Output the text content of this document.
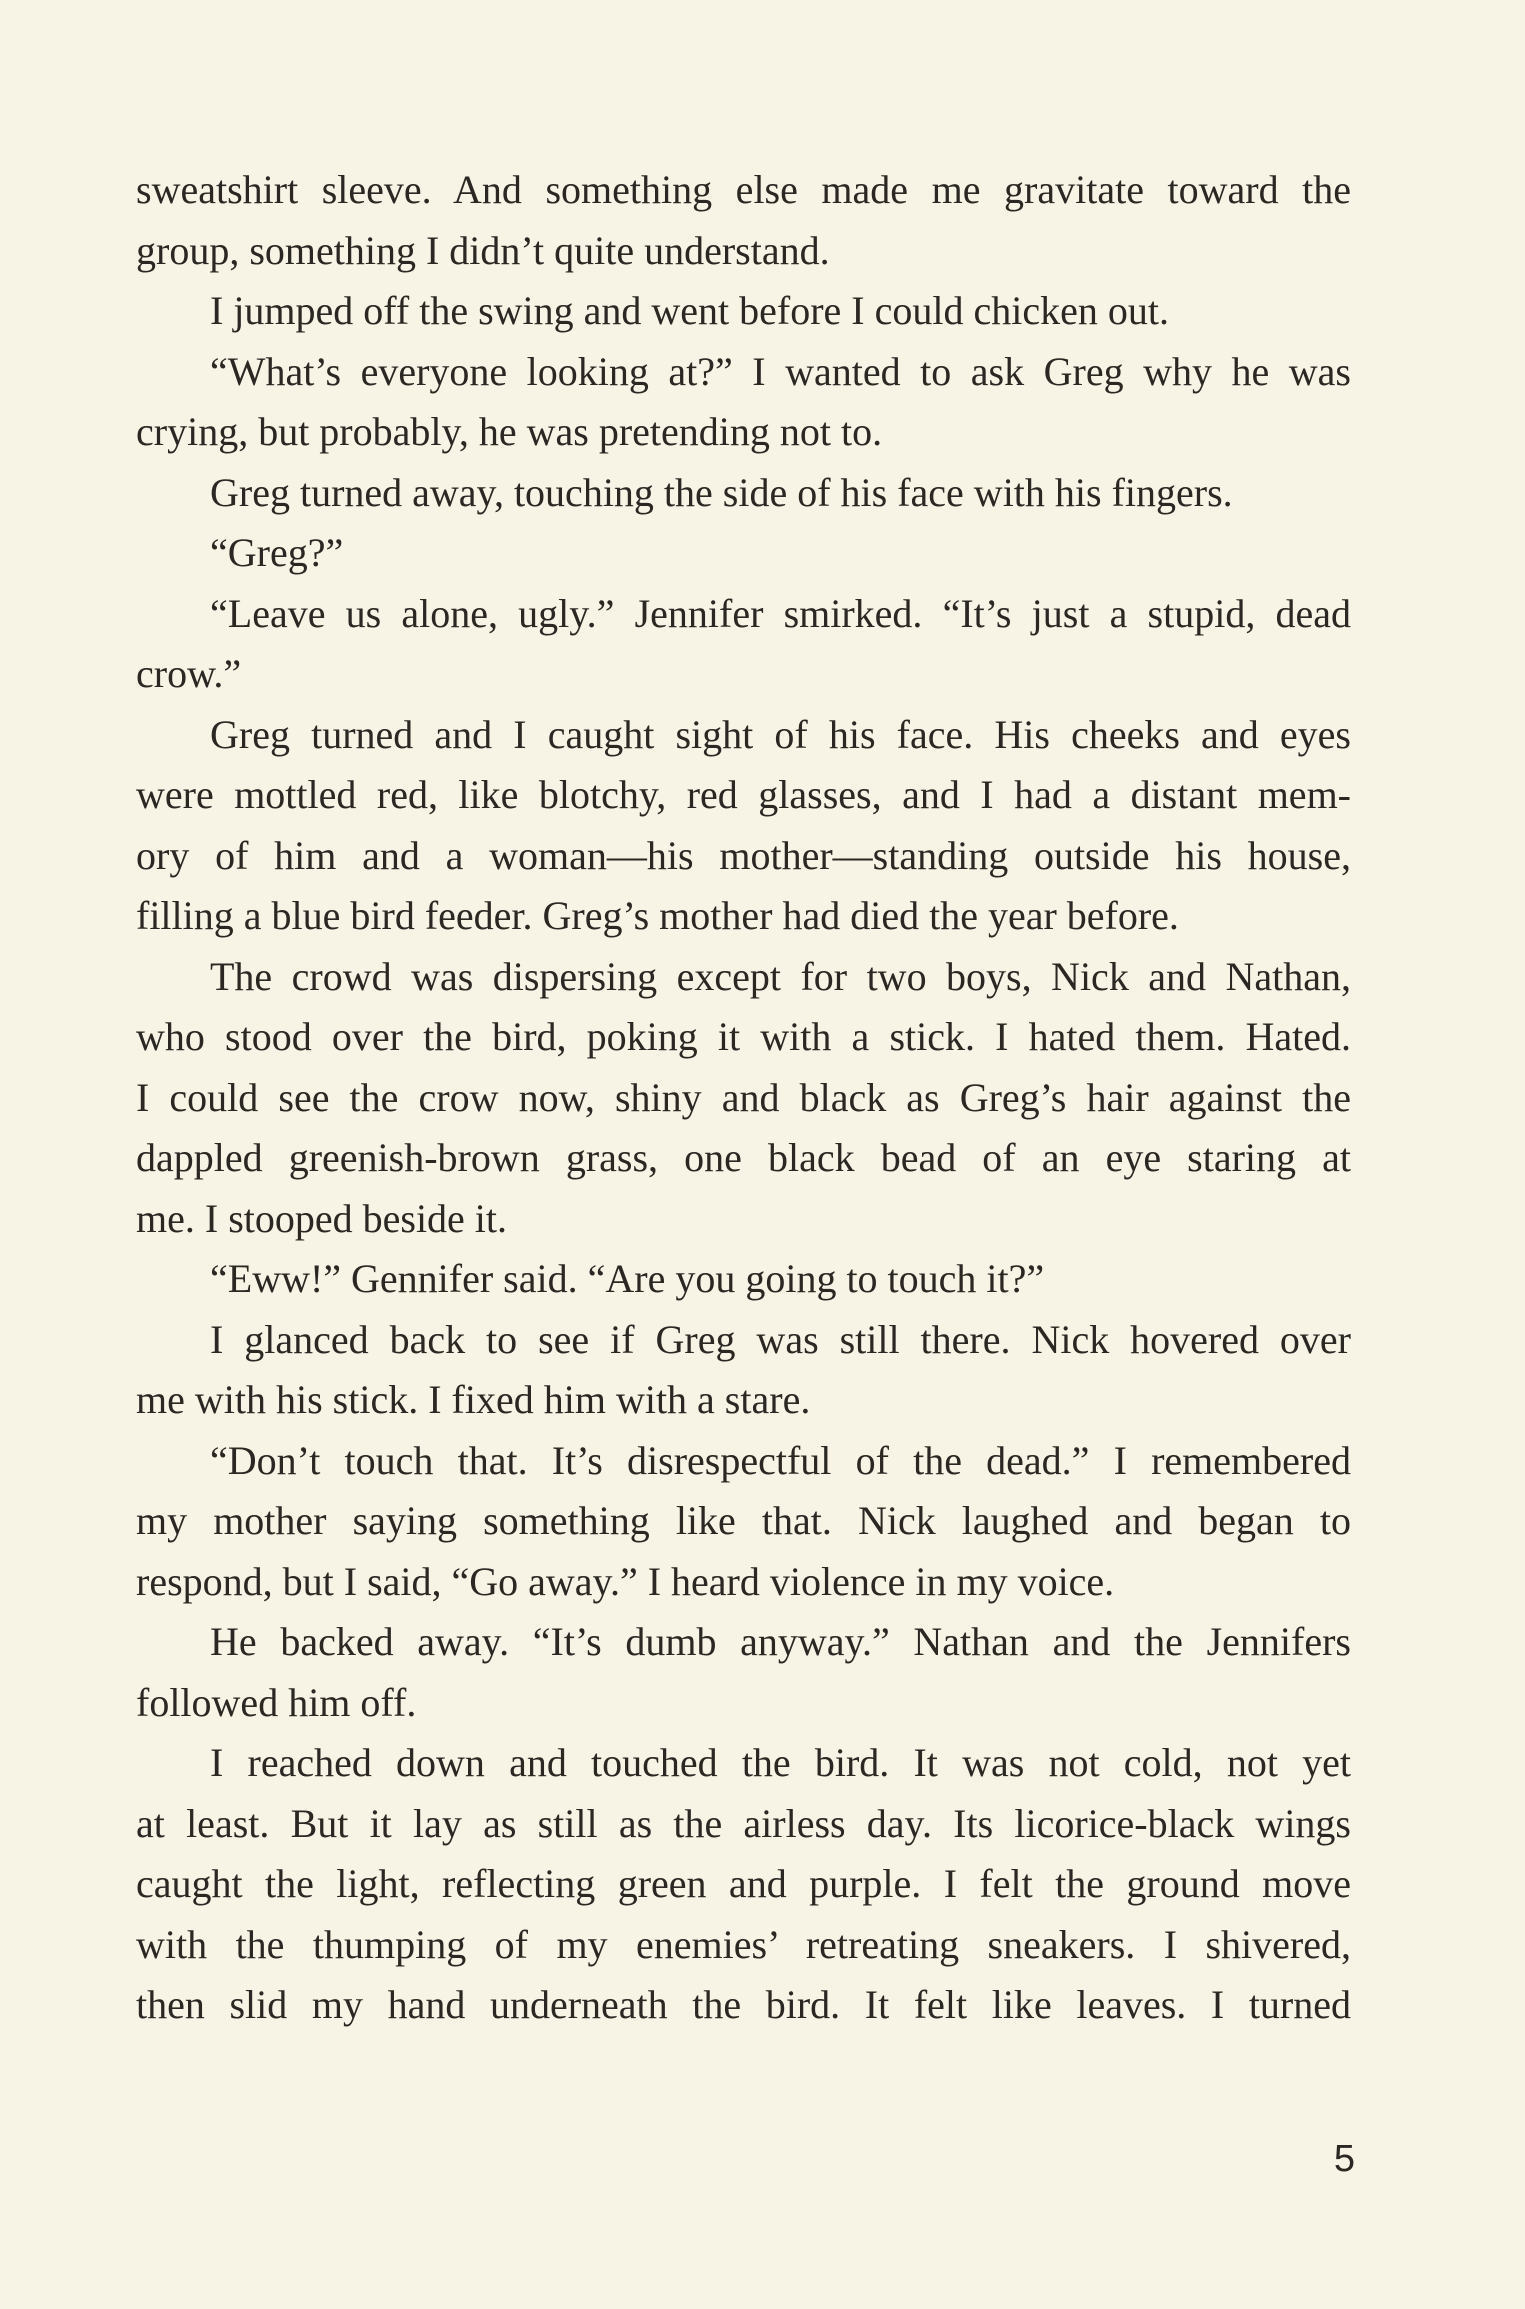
sweatshirt sleeve. And something else made me gravitate toward the
group, something I didn’t quite understand.
I jumped off the swing and went before I could chicken out.
“What’s everyone looking at?” I wanted to ask Greg why he was
crying, but probably, he was pretending not to.
Greg turned away, touching the side of his face with his fingers.
“Greg?”
“Leave us alone, ugly.” Jennifer smirked. “It’s just a stupid, dead
crow.”
Greg turned and I caught sight of his face. His cheeks and eyes
were mottled red, like blotchy, red glasses, and I had a distant mem-
ory of him and a woman—his mother—standing outside his house,
filling a blue bird feeder. Greg’s mother had died the year before.
The crowd was dispersing except for two boys, Nick and Nathan,
who stood over the bird, poking it with a stick. I hated them. Hated.
I could see the crow now, shiny and black as Greg’s hair against the
dappled greenish-brown grass, one black bead of an eye staring at
me. I stooped beside it.
“Eww!” Gennifer said. “Are you going to touch it?”
I glanced back to see if Greg was still there. Nick hovered over
me with his stick. I fixed him with a stare.
“Don’t touch that. It’s disrespectful of the dead.” I remembered
my mother saying something like that. Nick laughed and began to
respond, but I said, “Go away.” I heard violence in my voice.
He backed away. “It’s dumb anyway.” Nathan and the Jennifers
followed him off.
I reached down and touched the bird. It was not cold, not yet
at least. But it lay as still as the airless day. Its licorice-black wings
caught the light, reflecting green and purple. I felt the ground move
with the thumping of my enemies’ retreating sneakers. I shivered,
then slid my hand underneath the bird. It felt like leaves. I turned
5
